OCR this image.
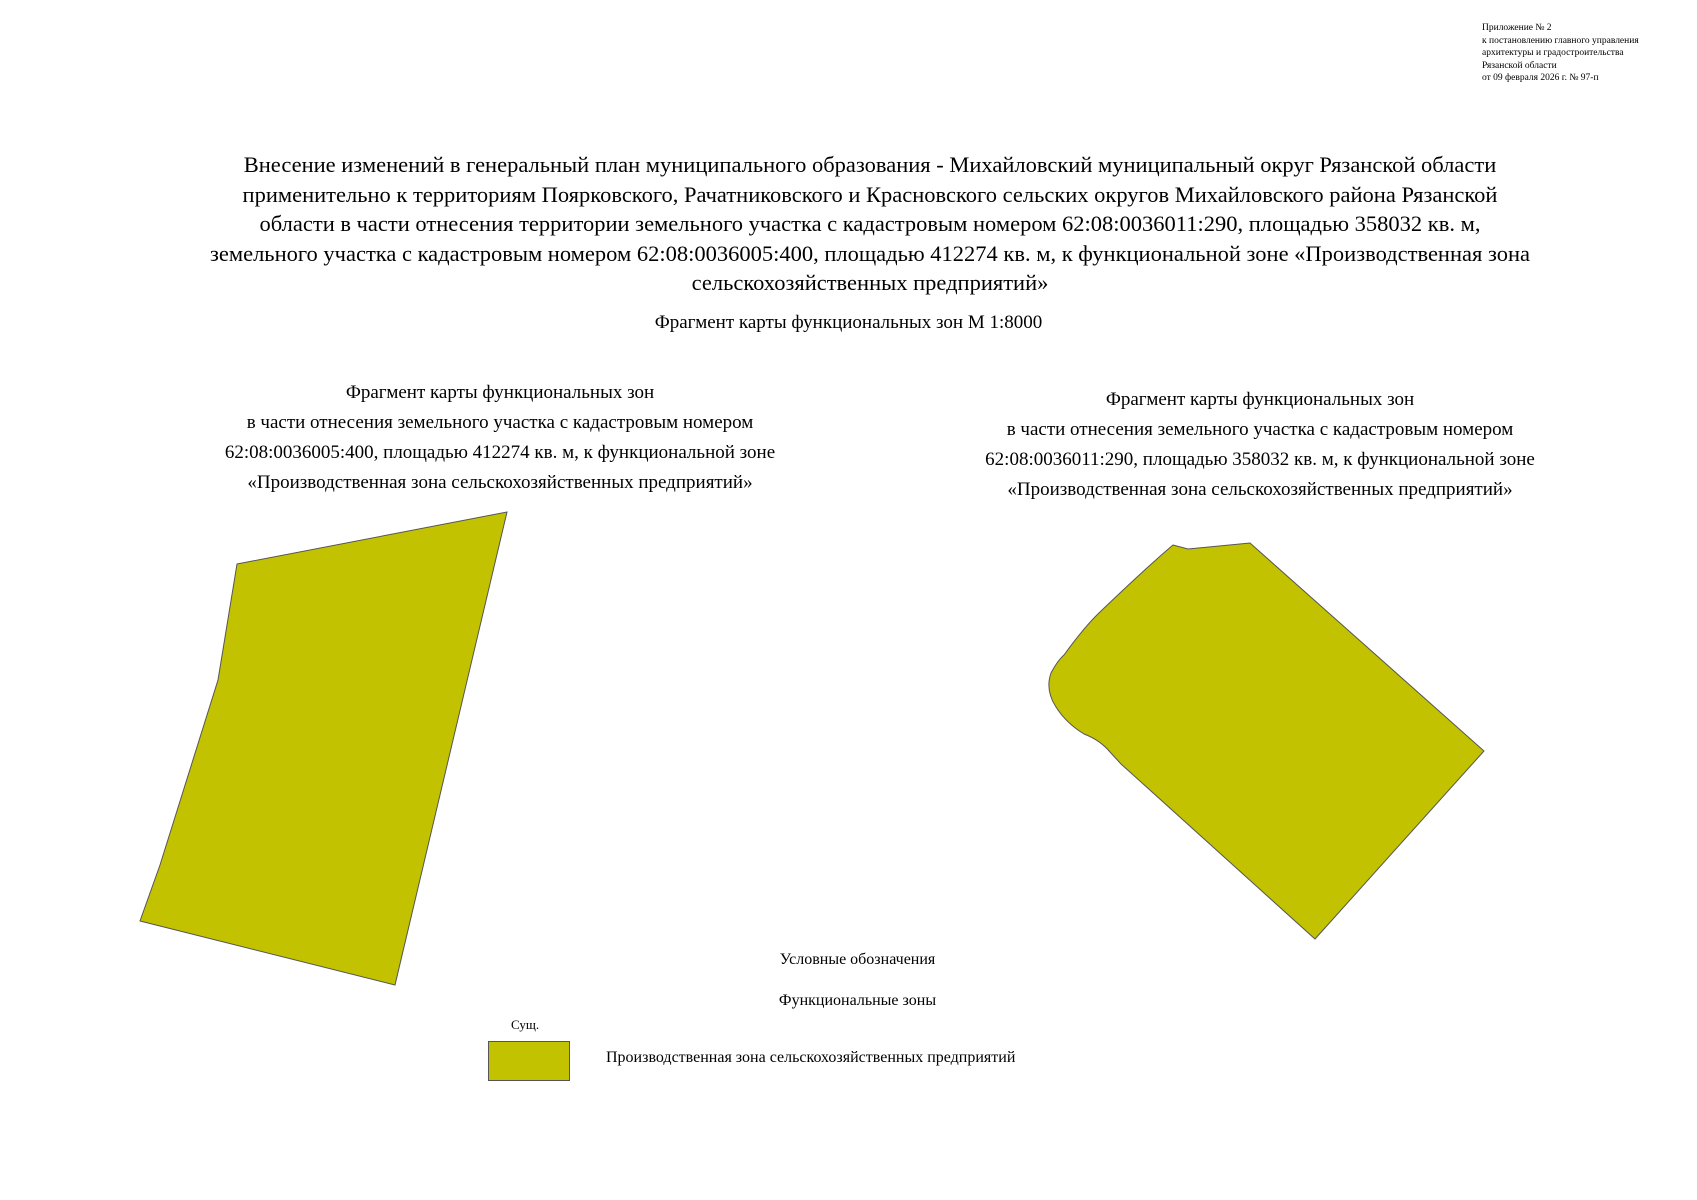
Приложение № 2
к постановлению главного управления
архитектуры и градостроительства
Рязанской области
от 09 февраля 2026 г. № 97-п
Внесение изменений в генеральный план муниципального образования - Михайловский муниципальный округ Рязанской области
применительно к территориям Поярковского, Рачатниковского и Красновского сельских округов Михайловского района Рязанской
области в части отнесения территории земельного участка с кадастровым номером 62:08:0036011:290, площадью 358032 кв. м,
земельного участка с кадастровым номером 62:08:0036005:400, площадью 412274 кв. м, к функциональной зоне «Производственная зона
сельскохозяйственных предприятий»
Фрагмент карты функциональных зон М 1:8000
Фрагмент карты функциональных зон
в части отнесения земельного участка с кадастровым номером
62:08:0036005:400, площадью 412274 кв. м, к функциональной зоне
«Производственная зона сельскохозяйственных предприятий»
Фрагмент карты функциональных зон
в части отнесения земельного участка с кадастровым номером
62:08:0036011:290, площадью 358032 кв. м, к функциональной зоне
«Производственная зона сельскохозяйственных предприятий»
Условные обозначения
Функциональные зоны
Сущ.
Производственная зона сельскохозяйственных предприятий
